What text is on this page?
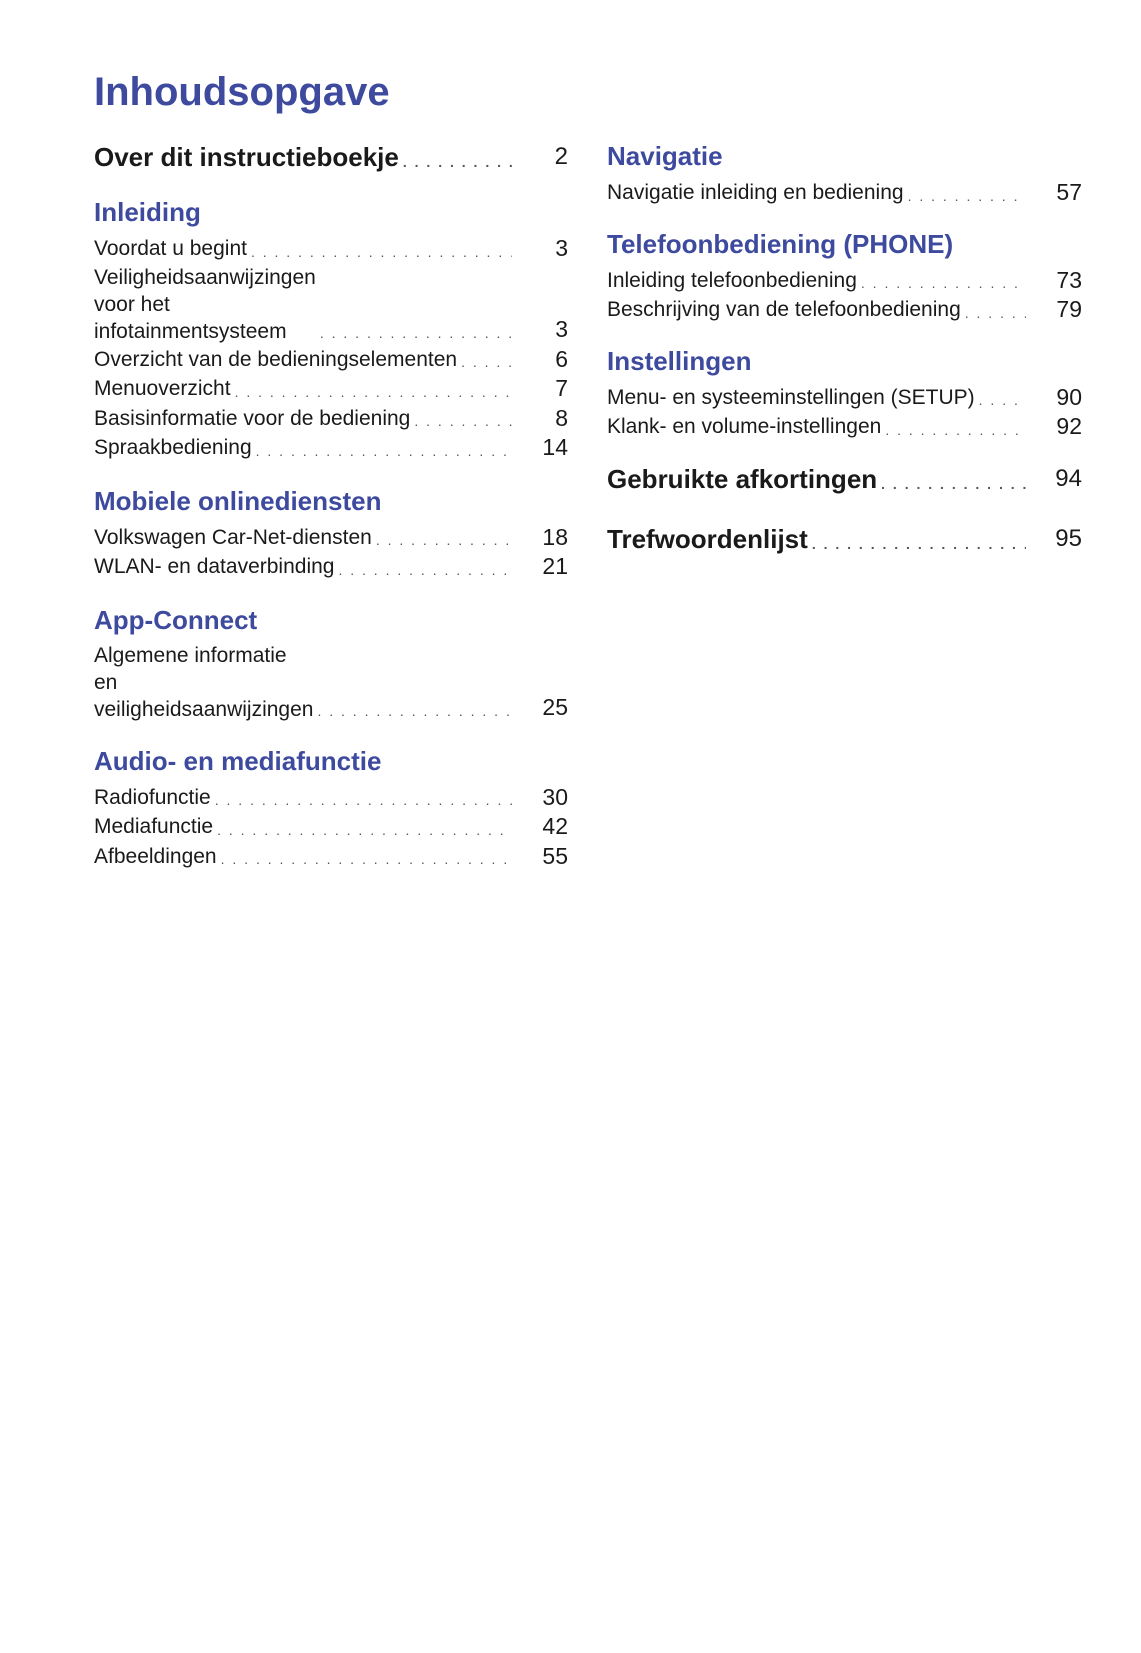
Inhoudsopgave
Over dit instructieboekje . . .	2
Inleiding
Voordat u begint . . .	3
Veiligheidsaanwijzingen voor het infotainmentsysteem . . .	3
Overzicht van de bedieningselementen . . .	6
Menuoverzicht . . .	7
Basisinformatie voor de bediening . . .	8
Spraakbediening . . .	14
Mobiele onlinediensten
Volkswagen Car-Net-diensten . . .	18
WLAN- en dataverbinding . . .	21
App-Connect
Algemene informatie en veiligheidsaanwijzingen . . .	25
Audio- en mediafunctie
Radiofunctie . . .	30
Mediafunctie . . .	42
Afbeeldingen . . .	55
Navigatie
Navigatie inleiding en bediening . . .	57
Telefoonbediening (PHONE)
Inleiding telefoonbediening . . .	73
Beschrijving van de telefoonbediening . . .	79
Instellingen
Menu- en systeeminstellingen (SETUP) . . .	90
Klank- en volume-instellingen . . .	92
Gebruikte afkortingen . . .	94
Trefwoordenlijst . . .	95
